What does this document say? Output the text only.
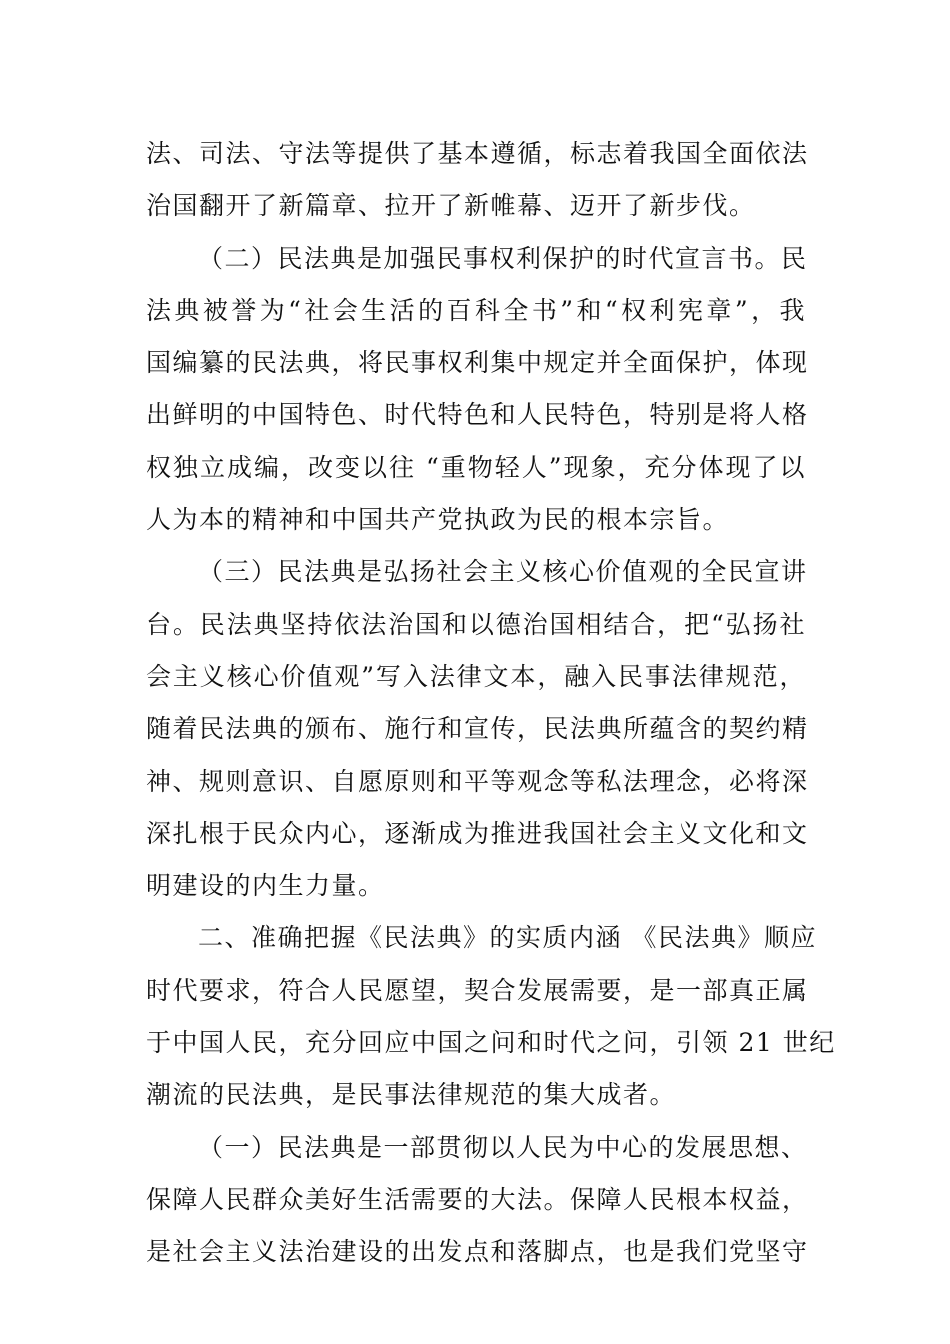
法、司法、守法等提供了基本遵循，标志着我国全面依法
治国翻开了新篇章、拉开了新帷幕、迈开了新步伐。
（二）民法典是加强民事权利保护的时代宣言书。民
法典被誉为“社会生活的百科全书”和“权利宪章”，我
国编纂的民法典，将民事权利集中规定并全面保护，体现
出鲜明的中国特色、时代特色和人民特色，特别是将人格
权独立成编，改变以往 “重物轻人”现象，充分体现了以
人为本的精神和中国共产党执政为民的根本宗旨。
（三）民法典是弘扬社会主义核心价值观的全民宣讲
台。民法典坚持依法治国和以德治国相结合，把“弘扬社
会主义核心价值观”写入法律文本，融入民事法律规范，
随着民法典的颁布、施行和宣传，民法典所蕴含的契约精
神、规则意识、自愿原则和平等观念等私法理念，必将深
深扎根于民众内心，逐渐成为推进我国社会主义文化和文
明建设的内生力量。
二、准确把握《民法典》的实质内涵 《民法典》顺应
时代要求，符合人民愿望，契合发展需要，是一部真正属
于中国人民，充分回应中国之问和时代之问，引领 21 世纪
潮流的民法典，是民事法律规范的集大成者。
（一）民法典是一部贯彻以人民为中心的发展思想、
保障人民群众美好生活需要的大法。保障人民根本权益，
是社会主义法治建设的出发点和落脚点，也是我们党坚守
